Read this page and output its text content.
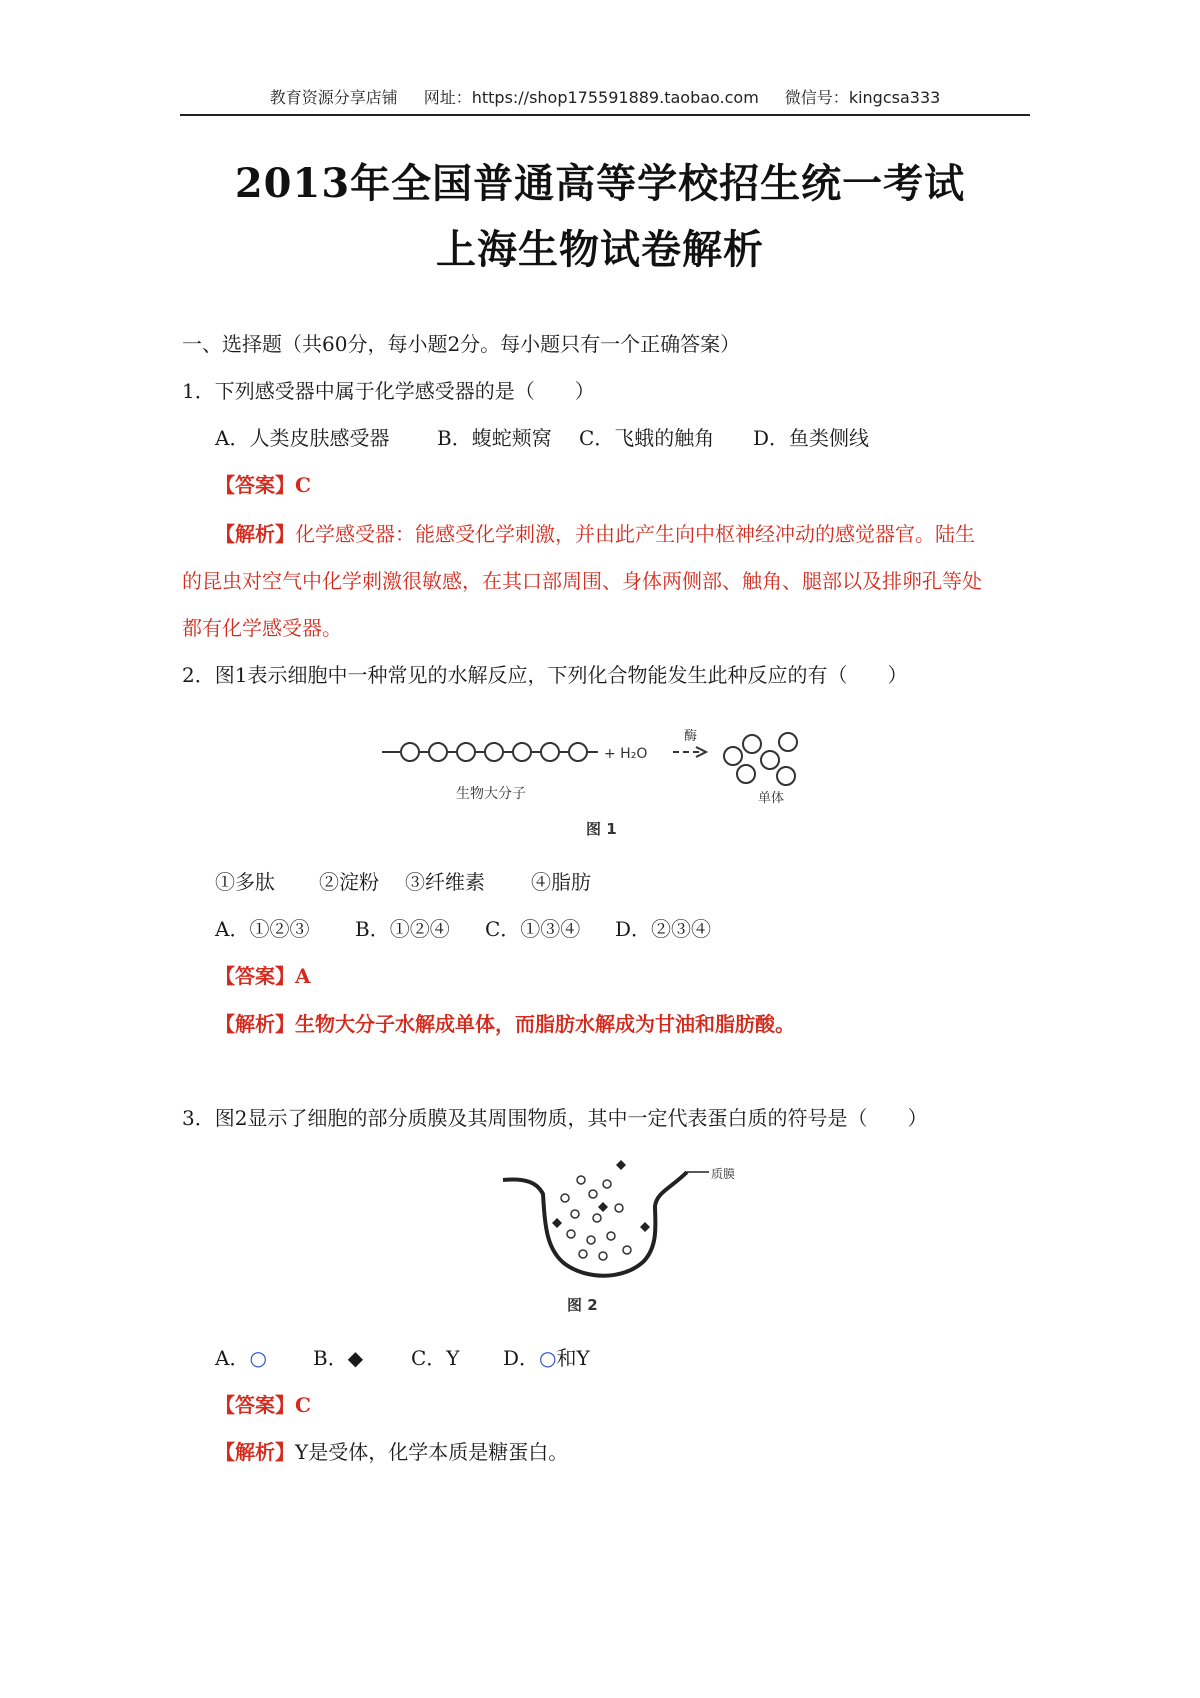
教育资源分享店铺 网址：https://shop175591889.taobao.com 微信号：kingcsa333
2013年全国普通高等学校招生统一考试
上海生物试卷解析
一、选择题（共60分，每小题2分。每小题只有一个正确答案）
1．下列感受器中属于化学感受器的是（　　）
A．人类皮肤感受器 B．蝮蛇颊窝 C．飞蛾的触角 D．鱼类侧线
【答案】C
【解析】化学感受器：能感受化学刺激，并由此产生向中枢神经冲动的感觉器官。陆生
的昆虫对空气中化学刺激很敏感，在其口部周围、身体两侧部、触角、腿部以及排卵孔等处
都有化学感受器。
2．图1表示细胞中一种常见的水解反应，下列化合物能发生此种反应的有（　　）
+ H₂O
酶
生物大分子	单体
图 1
①多肽 ②淀粉 ③纤维素 ④脂肪
A．①②③ B．①②④ C．①③④ D．②③④
【答案】A
【解析】生物大分子水解成单体，而脂肪水解成为甘油和脂肪酸。
3．图2显示了细胞的部分质膜及其周围物质，其中一定代表蛋白质的符号是（　　）
质膜
图 2
A．○ B．◆ C．Y D．○和Y
【答案】C
【解析】Y是受体，化学本质是糖蛋白。
